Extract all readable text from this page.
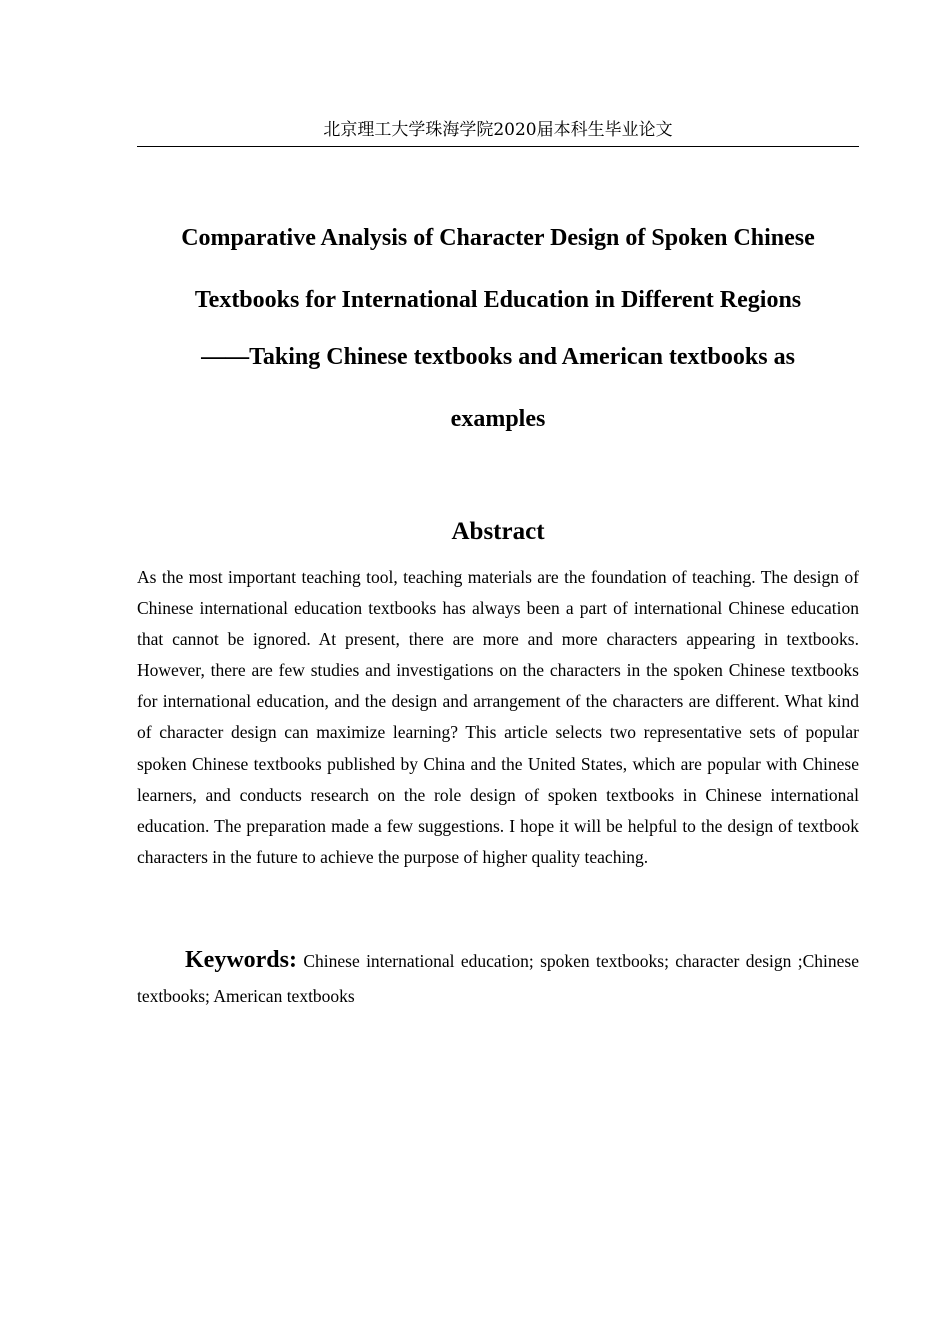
北京理工大学珠海学院2020届本科生毕业论文
Comparative Analysis of Character Design of Spoken Chinese
Textbooks for International Education in Different Regions
——Taking Chinese textbooks and American textbooks as
examples
Abstract

As the most important teaching tool, teaching materials are the foundation of teaching. The design of Chinese international education textbooks has always been a part of international Chinese education that cannot be ignored. At present, there are more and more characters appearing in textbooks. However, there are few studies and investigations on the characters in the spoken Chinese textbooks for international education, and the design and arrangement of the characters are different. What kind of character design can maximize learning? This article selects two representative sets of popular spoken Chinese textbooks published by China and the United States, which are popular with Chinese learners, and conducts research on the role design of spoken textbooks in Chinese international education. The preparation made a few suggestions. I hope it will be helpful to the design of textbook characters in the future to achieve the purpose of higher quality teaching.

Keywords: Chinese international education; spoken textbooks; character design ;Chinese textbooks; American textbooks
